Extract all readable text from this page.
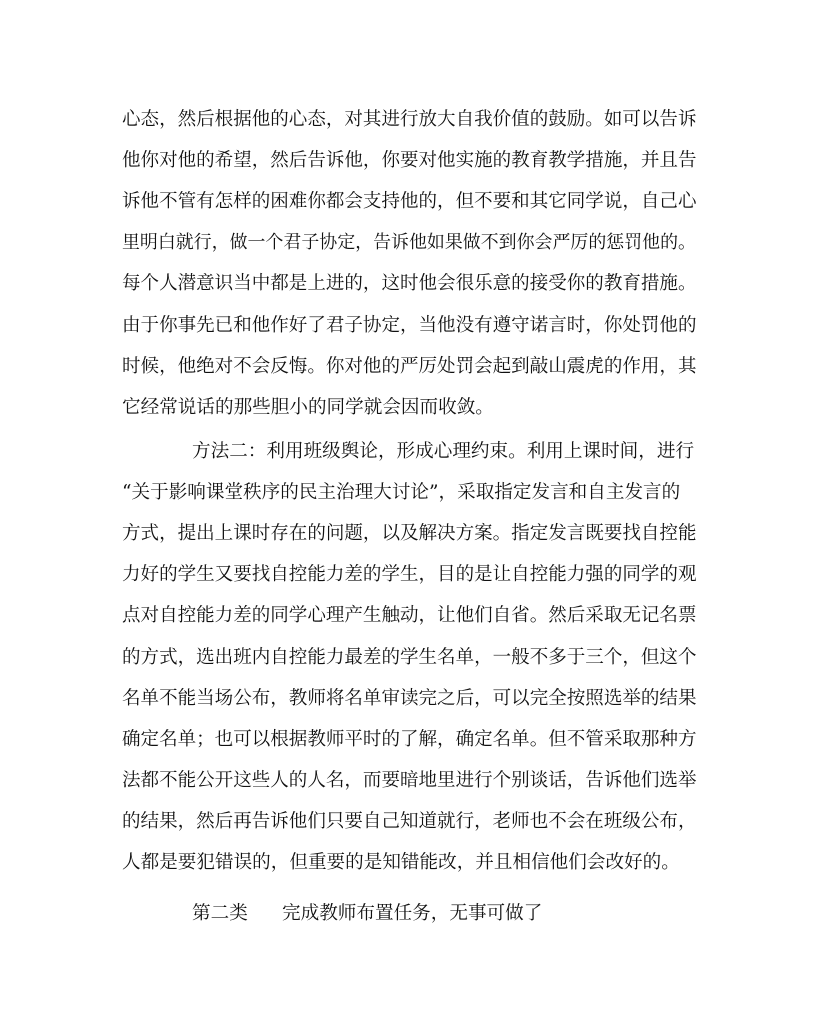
心态，然后根据他的心态，对其进行放大自我价值的鼓励。如可以告诉
他你对他的希望，然后告诉他，你要对他实施的教育教学措施，并且告
诉他不管有怎样的困难你都会支持他的，但不要和其它同学说，自己心
里明白就行，做一个君子协定，告诉他如果做不到你会严厉的惩罚他的。
每个人潜意识当中都是上进的，这时他会很乐意的接受你的教育措施。
由于你事先已和他作好了君子协定，当他没有遵守诺言时，你处罚他的
时候，他绝对不会反悔。你对他的严厉处罚会起到敲山震虎的作用，其
它经常说话的那些胆小的同学就会因而收敛。
方法二：利用班级舆论，形成心理约束。利用上课时间，进行
“关于影响课堂秩序的民主治理大讨论”，采取指定发言和自主发言的
方式，提出上课时存在的问题，以及解决方案。指定发言既要找自控能
力好的学生又要找自控能力差的学生，目的是让自控能力强的同学的观
点对自控能力差的同学心理产生触动，让他们自省。然后采取无记名票
的方式，选出班内自控能力最差的学生名单，一般不多于三个，但这个
名单不能当场公布，教师将名单审读完之后，可以完全按照选举的结果
确定名单；也可以根据教师平时的了解，确定名单。但不管采取那种方
法都不能公开这些人的人名，而要暗地里进行个别谈话，告诉他们选举
的结果，然后再告诉他们只要自己知道就行，老师也不会在班级公布，
人都是要犯错误的，但重要的是知错能改，并且相信他们会改好的。
第二类 完成教师布置任务，无事可做了
